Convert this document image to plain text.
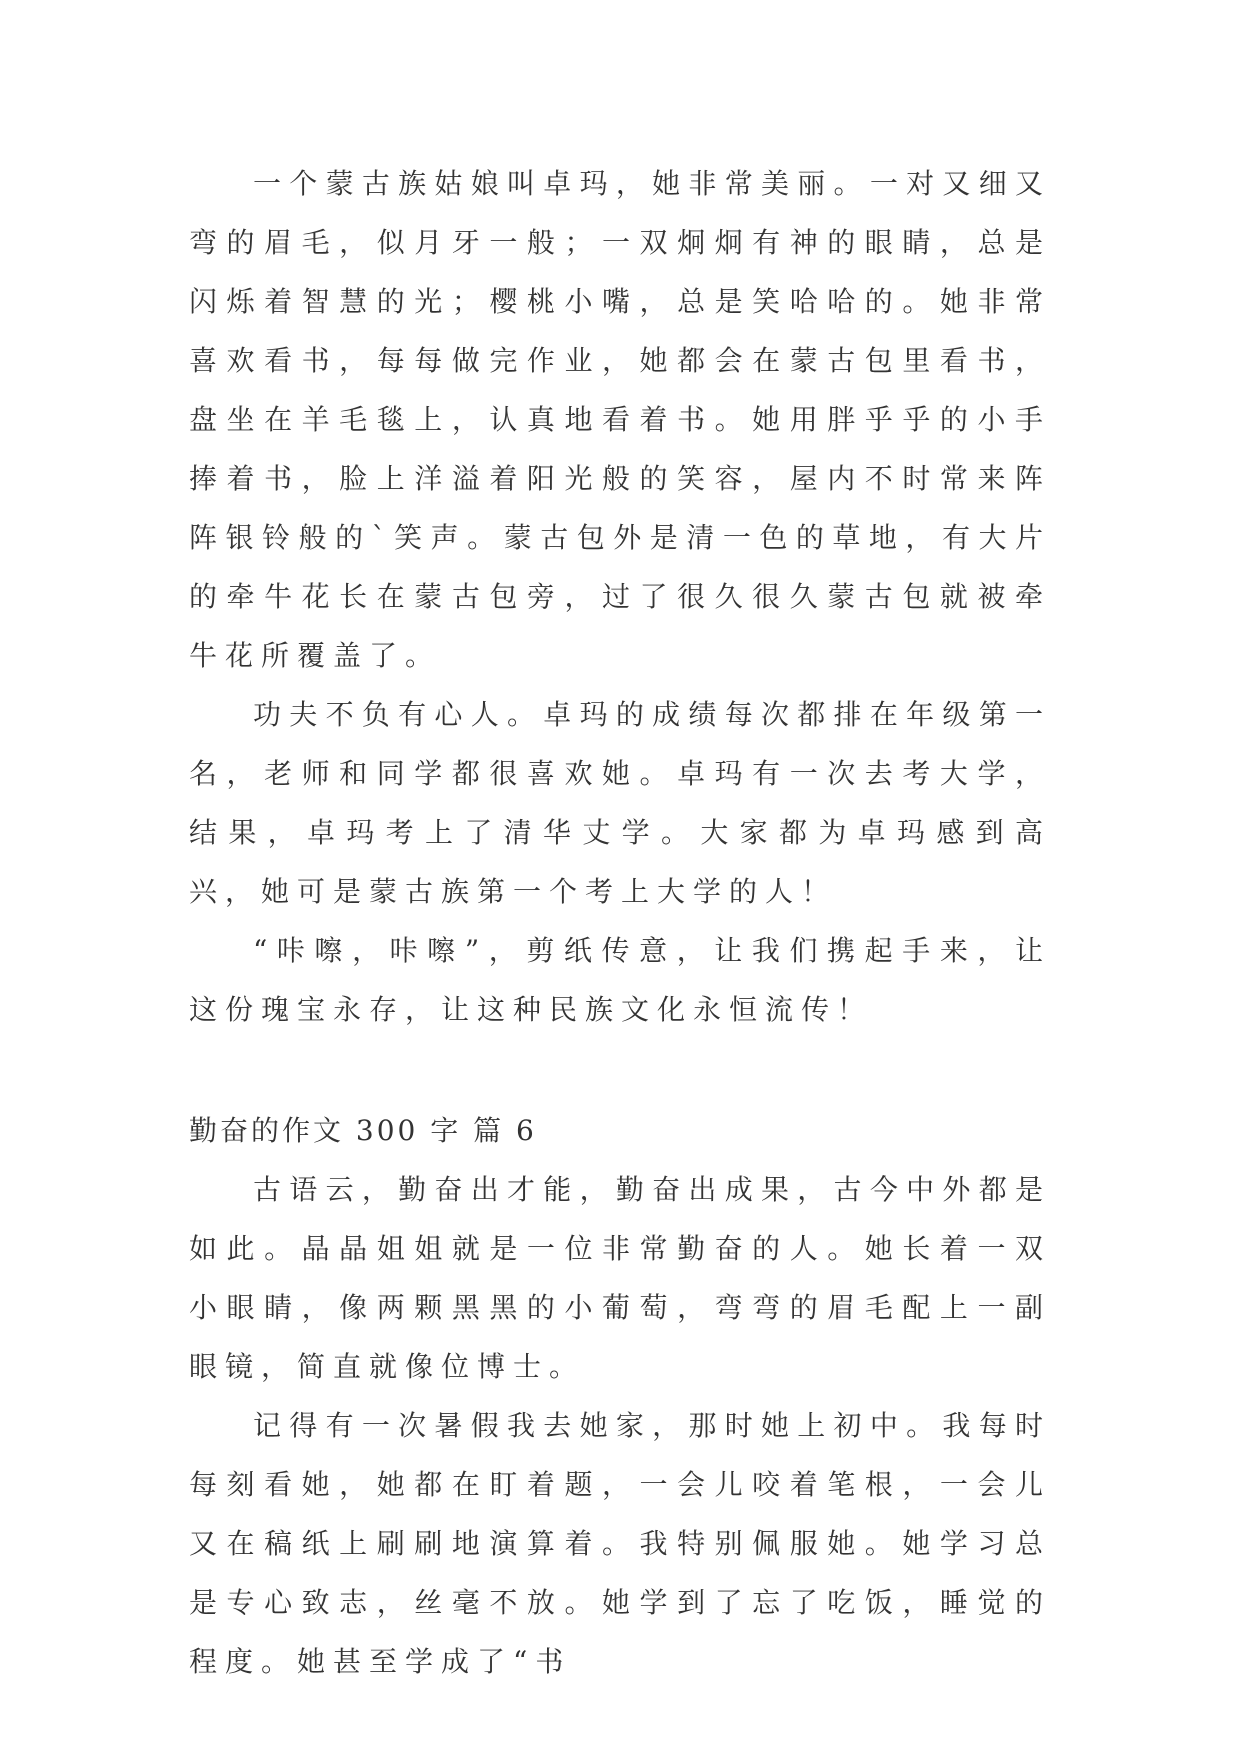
一个蒙古族姑娘叫卓玛，她非常美丽。一对又细又弯的眉毛，似月牙一般；一双炯炯有神的眼睛，总是闪烁着智慧的光；樱桃小嘴，总是笑哈哈的。她非常喜欢看书，每每做完作业，她都会在蒙古包里看书，盘坐在羊毛毯上，认真地看着书。她用胖乎乎的小手捧着书，脸上洋溢着阳光般的笑容，屋内不时常来阵阵银铃般的`笑声。蒙古包外是清一色的草地，有大片的牵牛花长在蒙古包旁，过了很久很久蒙古包就被牵牛花所覆盖了。

功夫不负有心人。卓玛的成绩每次都排在年级第一名，老师和同学都很喜欢她。卓玛有一次去考大学，结果，卓玛考上了清华丈学。大家都为卓玛感到高兴，她可是蒙古族第一个考上大学的人！

“咔嚓，咔嚓”，剪纸传意，让我们携起手来，让这份瑰宝永存，让这种民族文化永恒流传！

勤奋的作文 300 字 篇 6

古语云，勤奋出才能，勤奋出成果，古今中外都是如此。晶晶姐姐就是一位非常勤奋的人。她长着一双小眼睛，像两颗黑黑的小葡萄，弯弯的眉毛配上一副眼镜，简直就像位博士。

记得有一次暑假我去她家，那时她上初中。我每时每刻看她，她都在盯着题，一会儿咬着笔根，一会儿又在稿纸上刷刷地演算着。我特别佩服她。她学习总是专心致志，丝毫不放。她学到了忘了吃饭，睡觉的程度。她甚至学成了“书
